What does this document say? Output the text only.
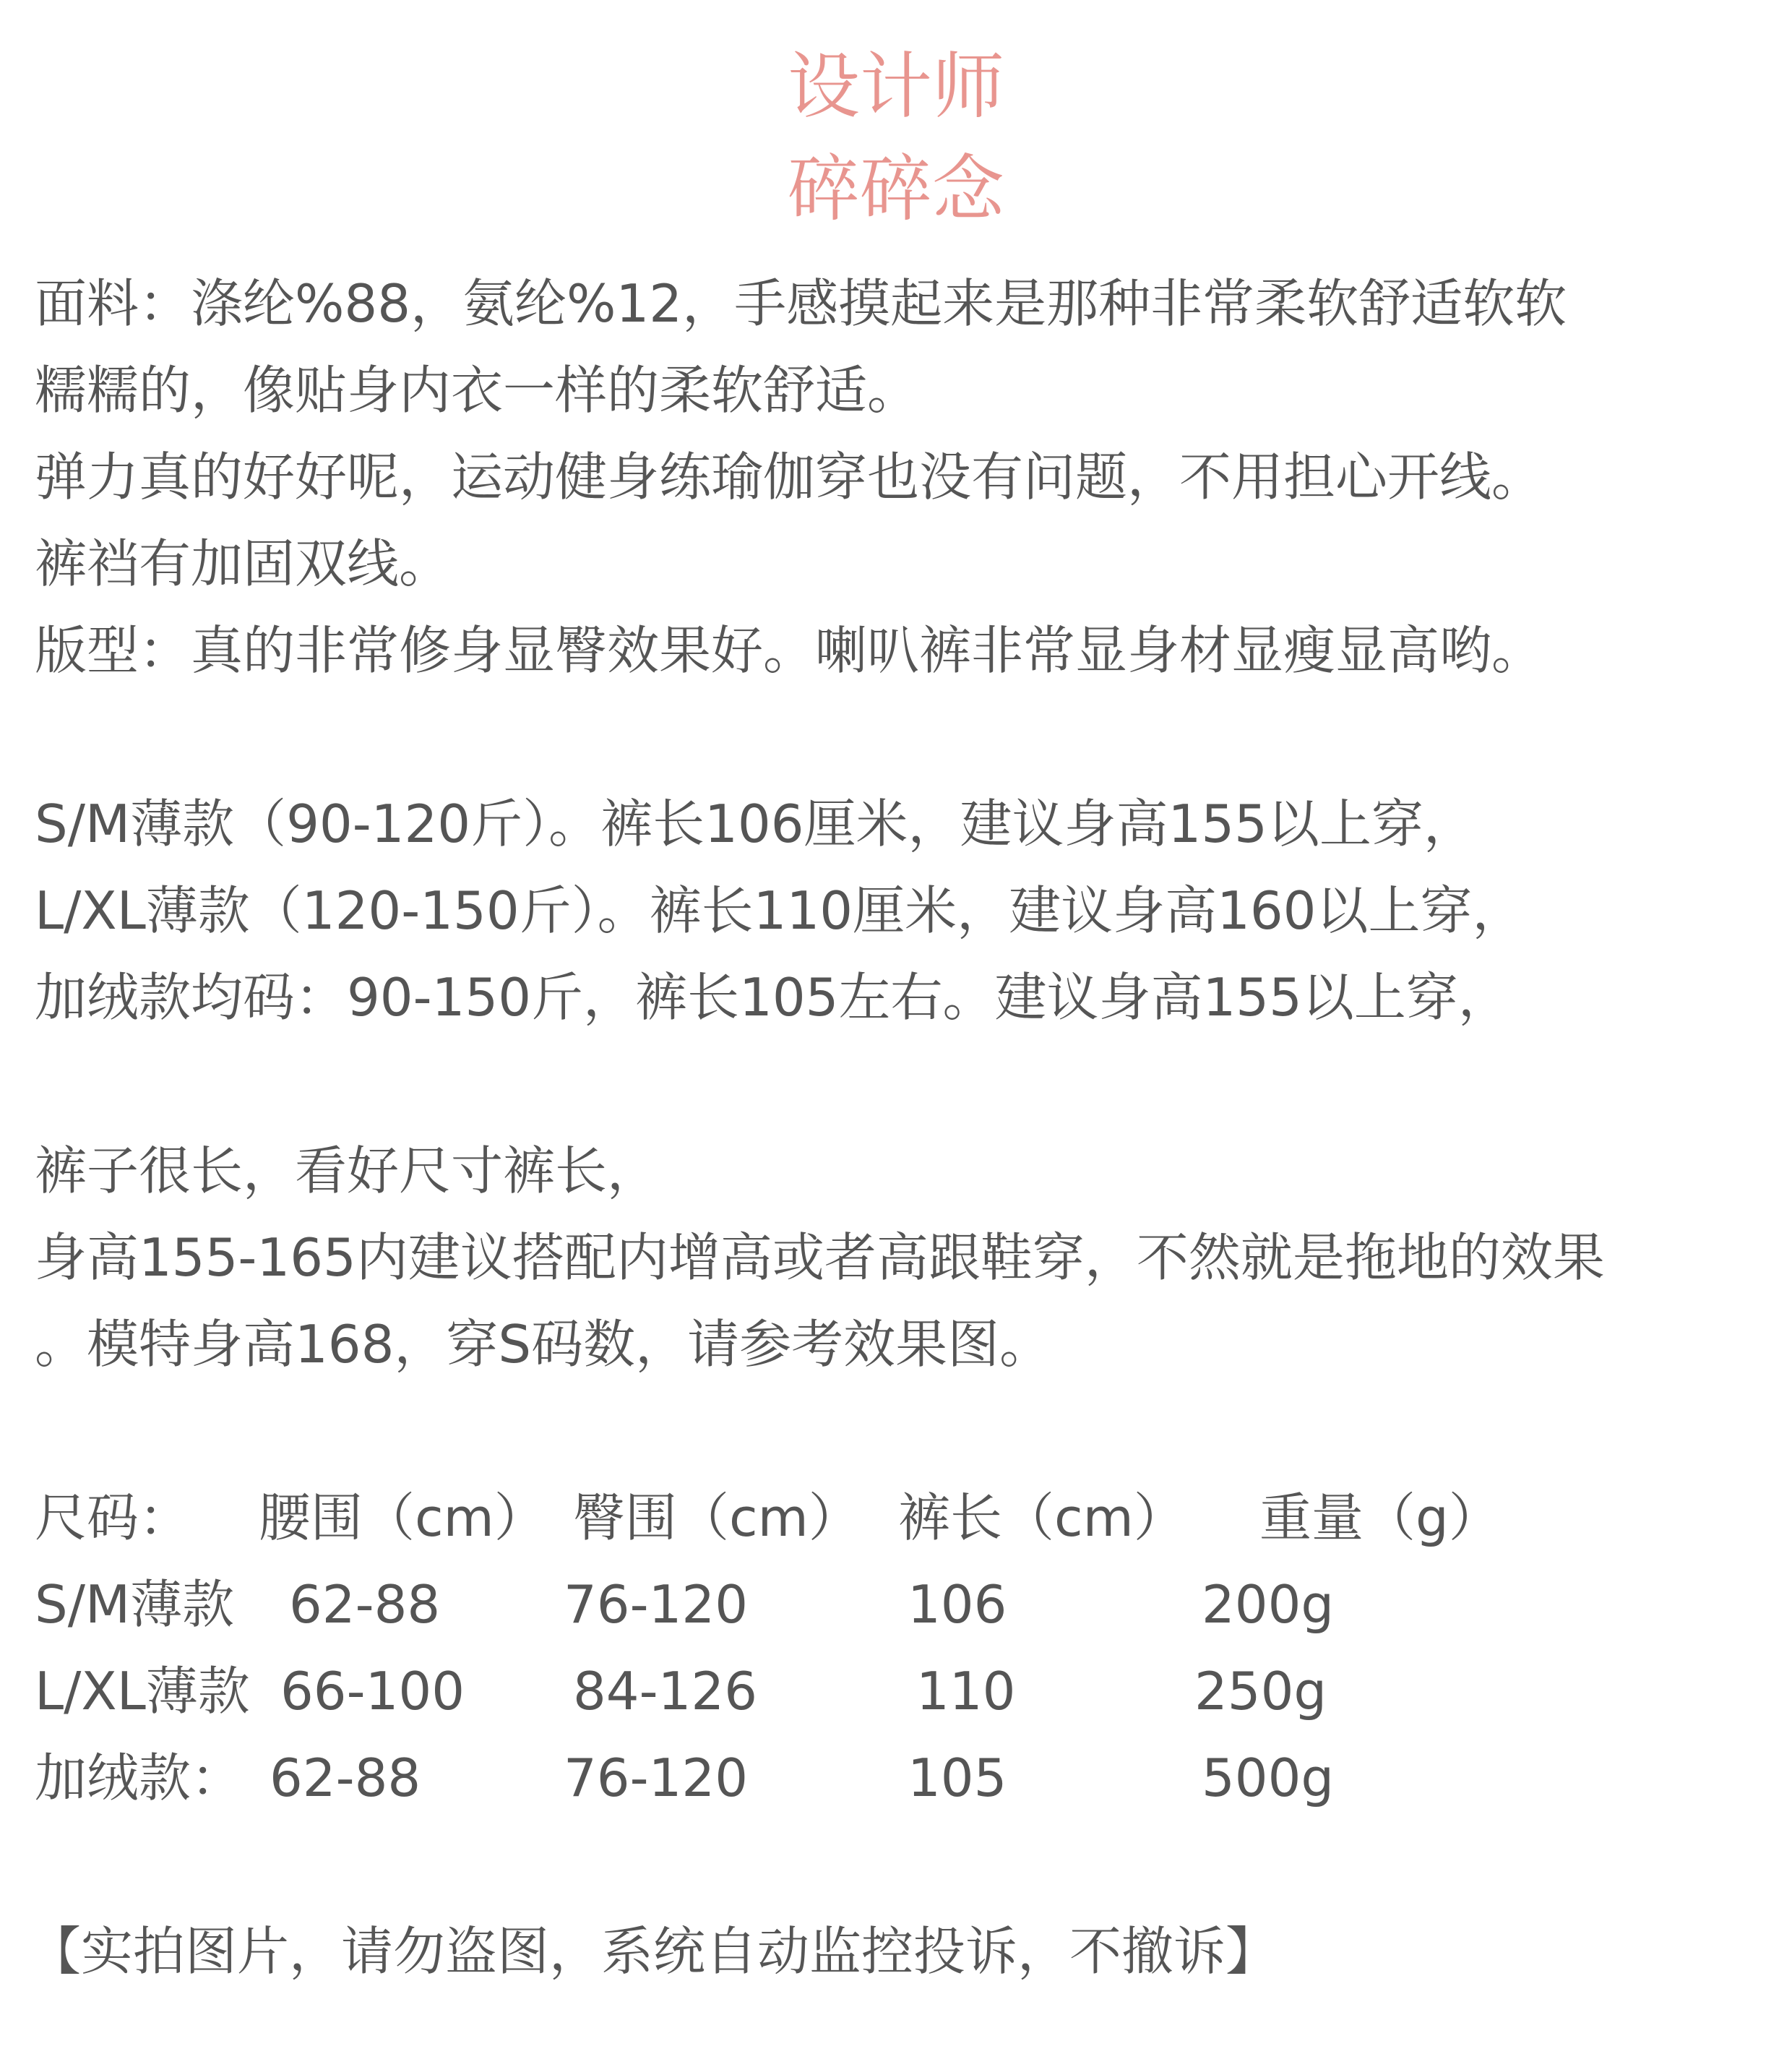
设计师
碎碎念
面料：涤纶%88，氨纶%12，手感摸起来是那种非常柔软舒适软软
糯糯的，像贴身内衣一样的柔软舒适。
弹力真的好好呢，运动健身练瑜伽穿也没有问题，不用担心开线。
裤裆有加固双线。
版型：真的非常修身显臀效果好。喇叭裤非常显身材显瘦显高哟。
S/M薄款（90-120斤）。裤长106厘米，建议身高155以上穿，
L/XL薄款（120-150斤）。裤长110厘米，建议身高160以上穿，
加绒款均码：90-150斤，裤长105左右。建议身高155以上穿，
裤子很长，看好尺寸裤长，
身高155-165内建议搭配内增高或者高跟鞋穿，不然就是拖地的效果
。模特身高168，穿S码数，请参考效果图。
尺码： 腰围（cm） 臀围（cm） 裤长（cm） 重量（g）
S/M薄款 62-88 76-120	106	200g
L/XL薄款 66-100 84-126	110	250g
加绒款： 62-88	76-120	105	500g
【实拍图片，请勿盗图，系统自动监控投诉，不撤诉】
